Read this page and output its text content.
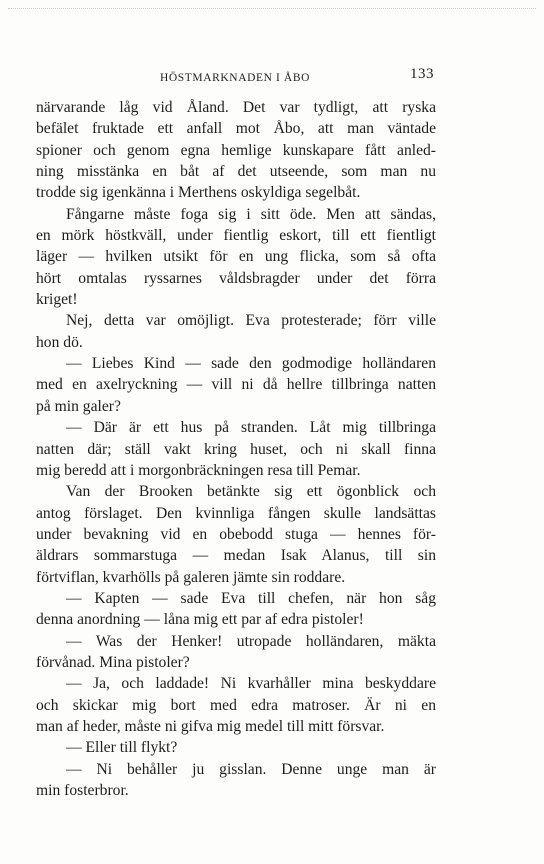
HÖSTMARKNADEN I ÅBO	133
närvarande låg vid Åland. Det var tydligt, att ryska
befälet fruktade ett anfall mot Åbo, att man väntade
spioner och genom egna hemlige kunskapare fått anled-
ning misstänka en båt af det utseende, som man nu
trodde sig igenkänna i Merthens oskyldiga segelbåt.
Fångarne måste foga sig i sitt öde. Men att sändas,
en mörk höstkväll, under fientlig eskort, till ett fientligt
läger — hvilken utsikt för en ung flicka, som så ofta
hört omtalas ryssarnes våldsbragder under det förra
kriget!
Nej, detta var omöjligt. Eva protesterade; förr ville
hon dö.
— Liebes Kind — sade den godmodige holländaren
med en axelryckning — vill ni då hellre tillbringa natten
på min galer?
— Där är ett hus på stranden. Låt mig tillbringa
natten där; ställ vakt kring huset, och ni skall finna
mig beredd att i morgonbräckningen resa till Pemar.
Van der Brooken betänkte sig ett ögonblick och
antog förslaget. Den kvinnliga fången skulle landsättas
under bevakning vid en obebodd stuga — hennes för-
äldrars sommarstuga — medan Isak Alanus, till sin
förtviflan, kvarhölls på galeren jämte sin roddare.
— Kapten — sade Eva till chefen, när hon såg
denna anordning — låna mig ett par af edra pistoler!
— Was der Henker! utropade holländaren, mäkta
förvånad. Mina pistoler?
— Ja, och laddade! Ni kvarhåller mina beskyddare
och skickar mig bort med edra matroser. Är ni en
man af heder, måste ni gifva mig medel till mitt försvar.
— Eller till flykt?
— Ni behåller ju gisslan. Denne unge man är
min fosterbror.
